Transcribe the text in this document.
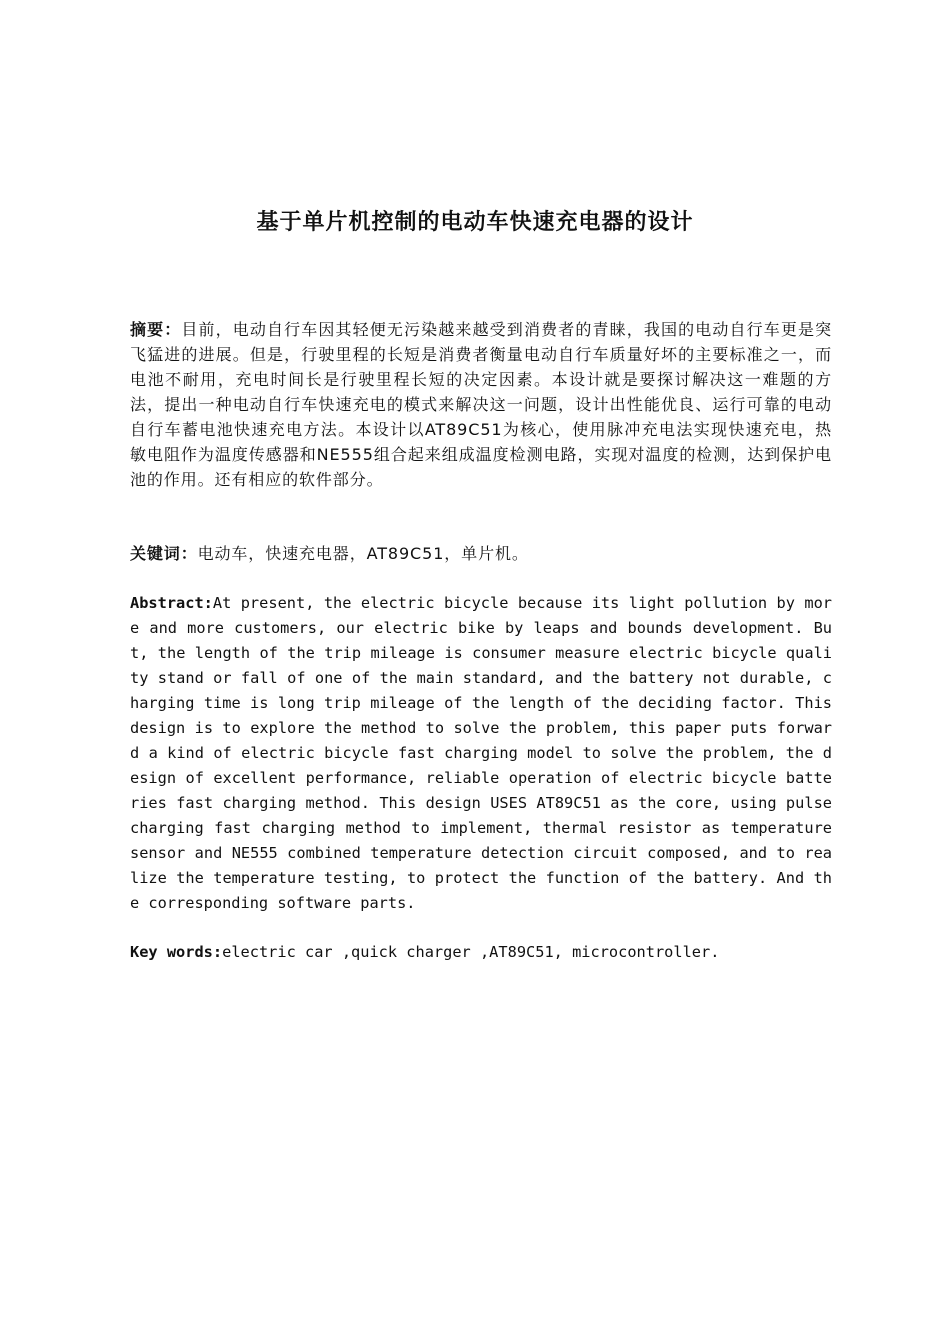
基于单片机控制的电动车快速充电器的设计
摘要：目前，电动自行车因其轻便无污染越来越受到消费者的青睐，我国的电动自行车更是突飞猛进的进展。但是，行驶里程的长短是消费者衡量电动自行车质量好坏的主要标准之一，而电池不耐用，充电时间长是行驶里程长短的决定因素。本设计就是要探讨解决这一难题的方法，提出一种电动自行车快速充电的模式来解决这一问题，设计出性能优良、运行可靠的电动自行车蓄电池快速充电方法。本设计以AT89C51为核心，使用脉冲充电法实现快速充电，热敏电阻作为温度传感器和NE555组合起来组成温度检测电路，实现对温度的检测，达到保护电池的作用。还有相应的软件部分。
关键词：电动车，快速充电器，AT89C51，单片机。
Abstract:At present, the electric bicycle because its light pollution by more and more customers, our electric bike by leaps and bounds development. But, the length of the trip mileage is consumer measure electric bicycle quality stand or fall of one of the main standard, and the battery not durable, charging time is long trip mileage of the length of the deciding factor. This design is to explore the method to solve the problem, this paper puts forward a kind of electric bicycle fast charging model to solve the problem, the design of excellent performance, reliable operation of electric bicycle batteries fast charging method. This design USES AT89C51 as the core, using pulse charging fast charging method to implement, thermal resistor as temperature sensor and NE555 combined temperature detection circuit composed, and to realize the temperature testing, to protect the function of the battery. And the corresponding software parts.
Key words:electric car ,quick charger ,AT89C51, microcontroller.
